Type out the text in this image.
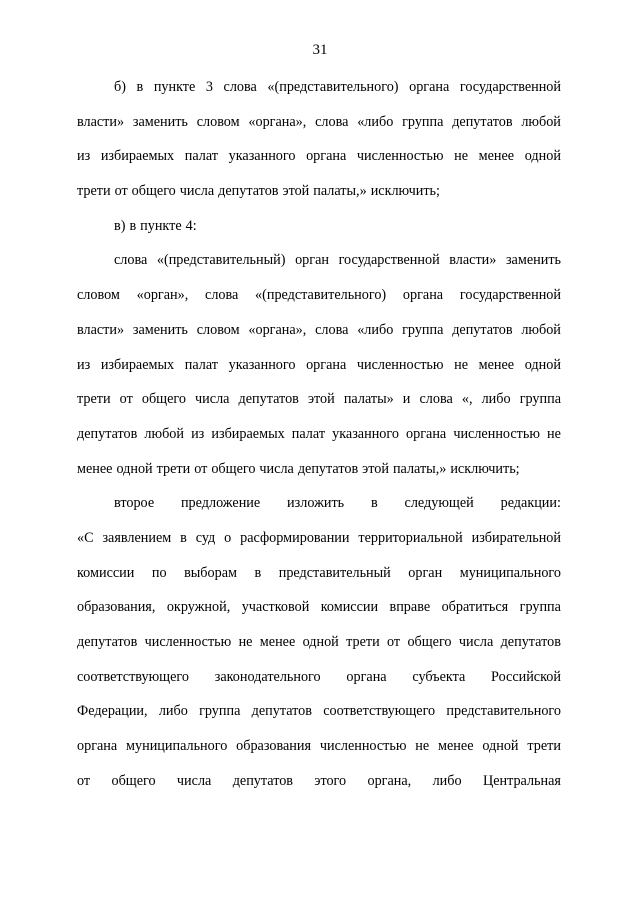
31
б) в пункте 3 слова «(представительного) органа государственной
власти» заменить словом «органа», слова «либо группа депутатов любой
из избираемых палат указанного органа численностью не менее одной
трети от общего числа депутатов этой палаты,» исключить;
в) в пункте 4:
слова «(представительный) орган государственной власти» заменить
словом «орган», слова «(представительного) органа государственной
власти» заменить словом «органа», слова «либо группа депутатов любой
из избираемых палат указанного органа численностью не менее одной
трети от общего числа депутатов этой палаты» и слова «, либо группа
депутатов любой из избираемых палат указанного органа численностью не
менее одной трети от общего числа депутатов этой палаты,» исключить;
второе предложение изложить в следующей редакции:
«С заявлением в суд о расформировании территориальной избирательной
комиссии по выборам в представительный орган муниципального
образования, окружной, участковой комиссии вправе обратиться группа
депутатов численностью не менее одной трети от общего числа депутатов
соответствующего законодательного органа субъекта Российской
Федерации, либо группа депутатов соответствующего представительного
органа муниципального образования численностью не менее одной трети
от общего числа депутатов этого органа, либо Центральная
